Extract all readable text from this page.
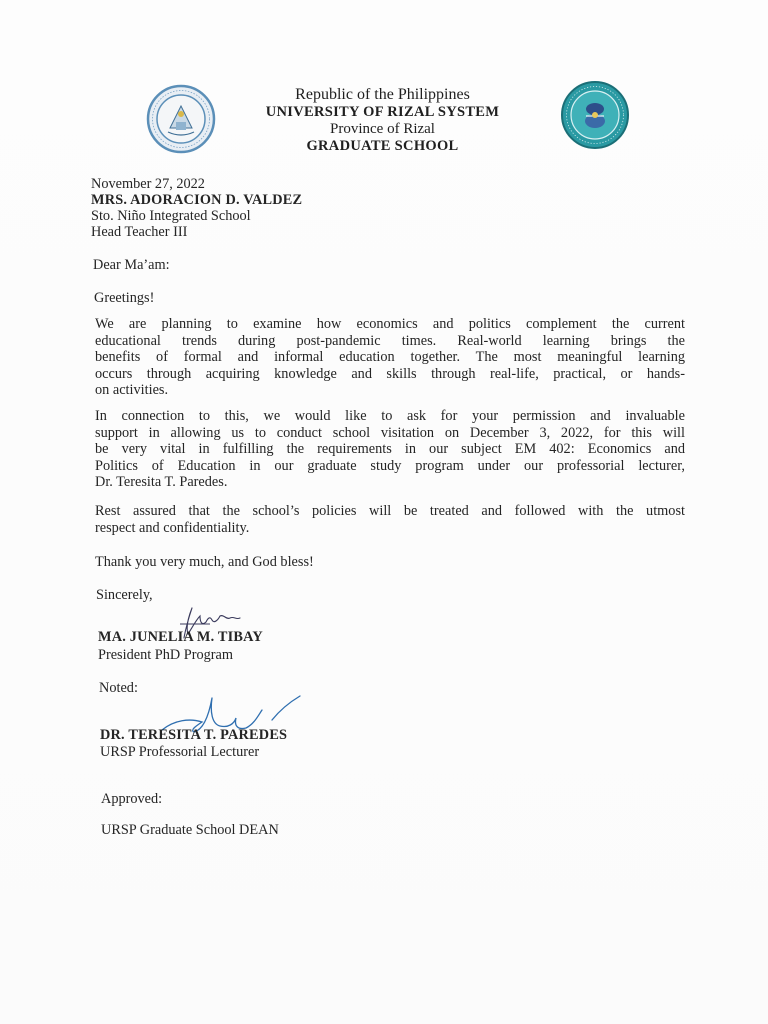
Republic of the Philippines
UNIVERSITY OF RIZAL SYSTEM
Province of Rizal
GRADUATE SCHOOL
November 27, 2022
MRS. ADORACION D. VALDEZ
Sto. Niño Integrated School
Head Teacher III
Dear Ma’am:
Greetings!
We are planning to examine how economics and politics complement the current
educational trends during post-pandemic times. Real-world learning brings the
benefits of formal and informal education together. The most meaningful learning
occurs through acquiring knowledge and skills through real-life, practical, or hands-
on activities.
In connection to this, we would like to ask for your permission and invaluable
support in allowing us to conduct school visitation on December 3, 2022, for this will
be very vital in fulfilling the requirements in our subject EM 402: Economics and
Politics of Education in our graduate study program under our professorial lecturer,
Dr. Teresita T. Paredes.
Rest assured that the school’s policies will be treated and followed with the utmost
respect and confidentiality.
Thank you very much, and God bless!
Sincerely,
MA. JUNELIA M. TIBAY
President PhD Program
Noted:
DR. TERESITA T. PAREDES
URSP Professorial Lecturer
Approved:
URSP Graduate School DEAN
